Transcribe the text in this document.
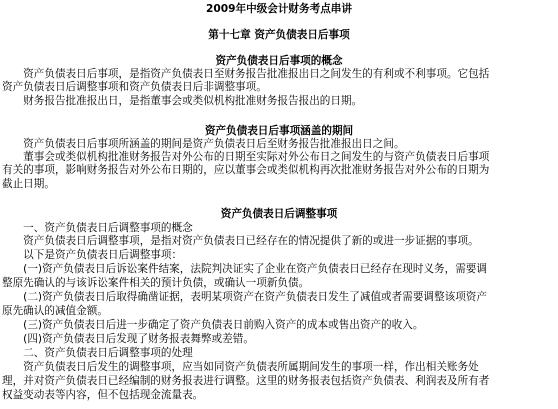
2009年中级会计财务考点串讲
第十七章 资产负债表日后事项
资产负债表日后事项的概念
　　资产负债表日后事项，是指资产负债表日至财务报告批准报出日之间发生的有利或不利事项。它包括
资产负债表日后调整事项和资产负债表日后非调整事项。
　　财务报告批准报出日，是指董事会或类似机构批准财务报告报出的日期。
资产负债表日后事项涵盖的期间
　　资产负债表日后事项所涵盖的期间是资产负债表日后至财务报告批准报出日之间。
　　董事会或类似机构批准财务报告对外公布的日期至实际对外公布日之间发生的与资产负债表日后事项
有关的事项，影响财务报告对外公布日期的，应以董事会或类似机构再次批准财务报告对外公布的日期为
截止日期。
资产负债表日后调整事项
　　一、资产负债表日后调整事项的概念
　　资产负债表日后调整事项，是指对资产负债表日已经存在的情况提供了新的或进一步证据的事项。
　　以下是资产负债表日后调整事项：
　　(一)资产负债表日后诉讼案件结案，法院判决证实了企业在资产负债表日已经存在现时义务，需要调
整原先确认的与该诉讼案件相关的预计负债，或确认一项新负债。
　　(二)资产负债表日后取得确凿证据，表明某项资产在资产负债表日发生了减值或者需要调整该项资产
原先确认的减值金额。
　　(三)资产负债表日后进一步确定了资产负债表日前购入资产的成本或售出资产的收入。
　　(四)资产负债表日后发现了财务报表舞弊或差错。
　　二、资产负债表日后调整事项的处理
　　资产负债表日后发生的调整事项，应当如同资产负债表所属期间发生的事项一样，作出相关账务处
理，并对资产负债表日已经编制的财务报表进行调整。这里的财务报表包括资产负债表、利润表及所有者
权益变动表等内容，但不包括现金流量表。
